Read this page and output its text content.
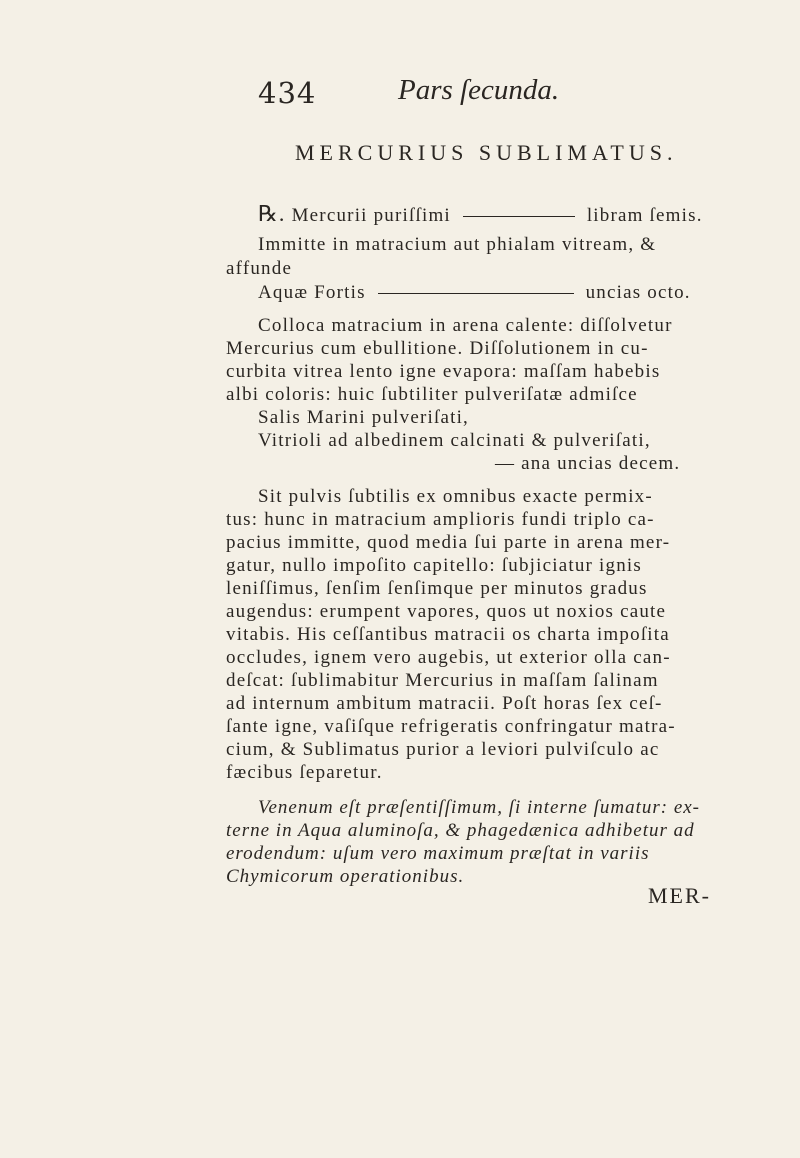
434	Pars ſecunda.
MERCURIUS SUBLIMATUS.
℞. Mercurii puriſſimi	libram ſemis.
Immitte in matracium aut phialam vitream, &
affunde
Aquæ Fortis	uncias octo.
Colloca matracium in arena calente: diſſolvetur
Mercurius cum ebullitione. Diſſolutionem in cu-
curbita vitrea lento igne evapora: maſſam habebis
albi coloris: huic ſubtiliter pulveriſatæ admiſce
Salis Marini pulveriſati,
Vitrioli ad albedinem calcinati & pulveriſati,
— ana uncias decem.
Sit pulvis ſubtilis ex omnibus exacte permix-
tus: hunc in matracium amplioris fundi triplo ca-
pacius immitte, quod media ſui parte in arena mer-
gatur, nullo impoſito capitello: ſubjiciatur ignis
leniſſimus, ſenſim ſenſimque per minutos gradus
augendus: erumpent vapores, quos ut noxios caute
vitabis. His ceſſantibus matracii os charta impoſita
occludes, ignem vero augebis, ut exterior olla can-
deſcat: ſublimabitur Mercurius in maſſam ſalinam
ad internum ambitum matracii. Poſt horas ſex ceſ-
ſante igne, vaſiſque refrigeratis confringatur matra-
cium, & Sublimatus purior a leviori pulviſculo ac
fæcibus ſeparetur.
Venenum eſt præſentiſſimum, ſi interne ſumatur: ex-
terne in Aqua aluminoſa, & phagedænica adhibetur ad
erodendum: uſum vero maximum præſtat in variis
Chymicorum operationibus.
MER-
